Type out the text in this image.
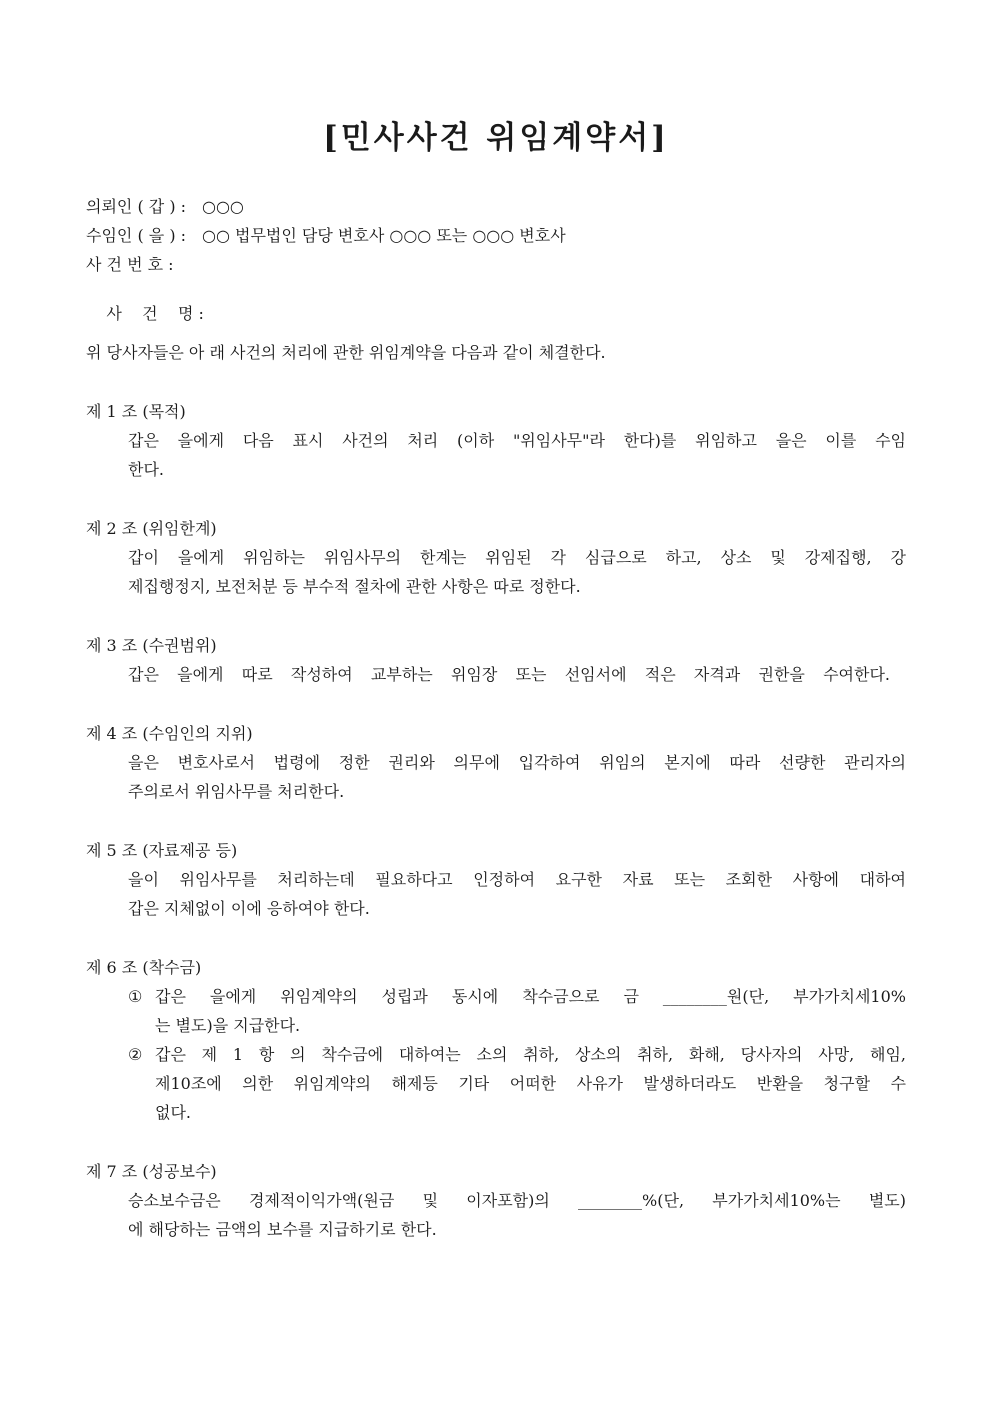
[민사사건 위임계약서]
의뢰인 ( 갑 ) : ○○○
수임인 ( 을 ) : ○○ 법무법인 담당 변호사 ○○○ 또는 ○○○ 변호사
사 건 번 호 :

사    건    명 :

위 당사자들은 아 래 사건의 처리에 관한 위임계약을 다음과 같이 체결한다.
제 1 조 (목적)
갑은 을에게 다음 표시 사건의 처리 (이하 "위임사무"라 한다)를 위임하고 을은 이를 수임
한다.
제 2 조 (위임한계)
갑이 을에게 위임하는 위임사무의 한계는 위임된 각 심급으로 하고, 상소 및 강제집행, 강
제집행정지, 보전처분 등 부수적 절차에 관한 사항은 따로 정한다.
제 3 조 (수권범위)
갑은 을에게 따로 작성하여 교부하는 위임장 또는 선임서에 적은 자격과 권한을 수여한다.
제 4 조 (수임인의 지위)
을은 변호사로서 법령에 정한 권리와 의무에 입각하여 위임의 본지에 따라 선량한 관리자의
주의로서 위임사무를 처리한다.
제 5 조 (자료제공 등)
을이 위임사무를 처리하는데 필요하다고 인정하여 요구한 자료 또는 조회한 사항에 대하여
갑은 지체없이 이에 응하여야 한다.
제 6 조 (착수금)
① 갑은 을에게 위임계약의 성립과 동시에 착수금으로 금 ________원(단, 부가가치세10%
는 별도)을 지급한다.
② 갑은 제 1 항 의 착수금에 대하여는 소의 취하, 상소의 취하, 화해, 당사자의 사망, 해임,
제10조에 의한 위임계약의 해제등 기타 어떠한 사유가 발생하더라도 반환을 청구할 수
없다.
제 7 조 (성공보수)
승소보수금은 경제적이익가액(원금 및 이자포함)의 ________%(단, 부가가치세10%는 별도)
에 해당하는 금액의 보수를 지급하기로 한다.
